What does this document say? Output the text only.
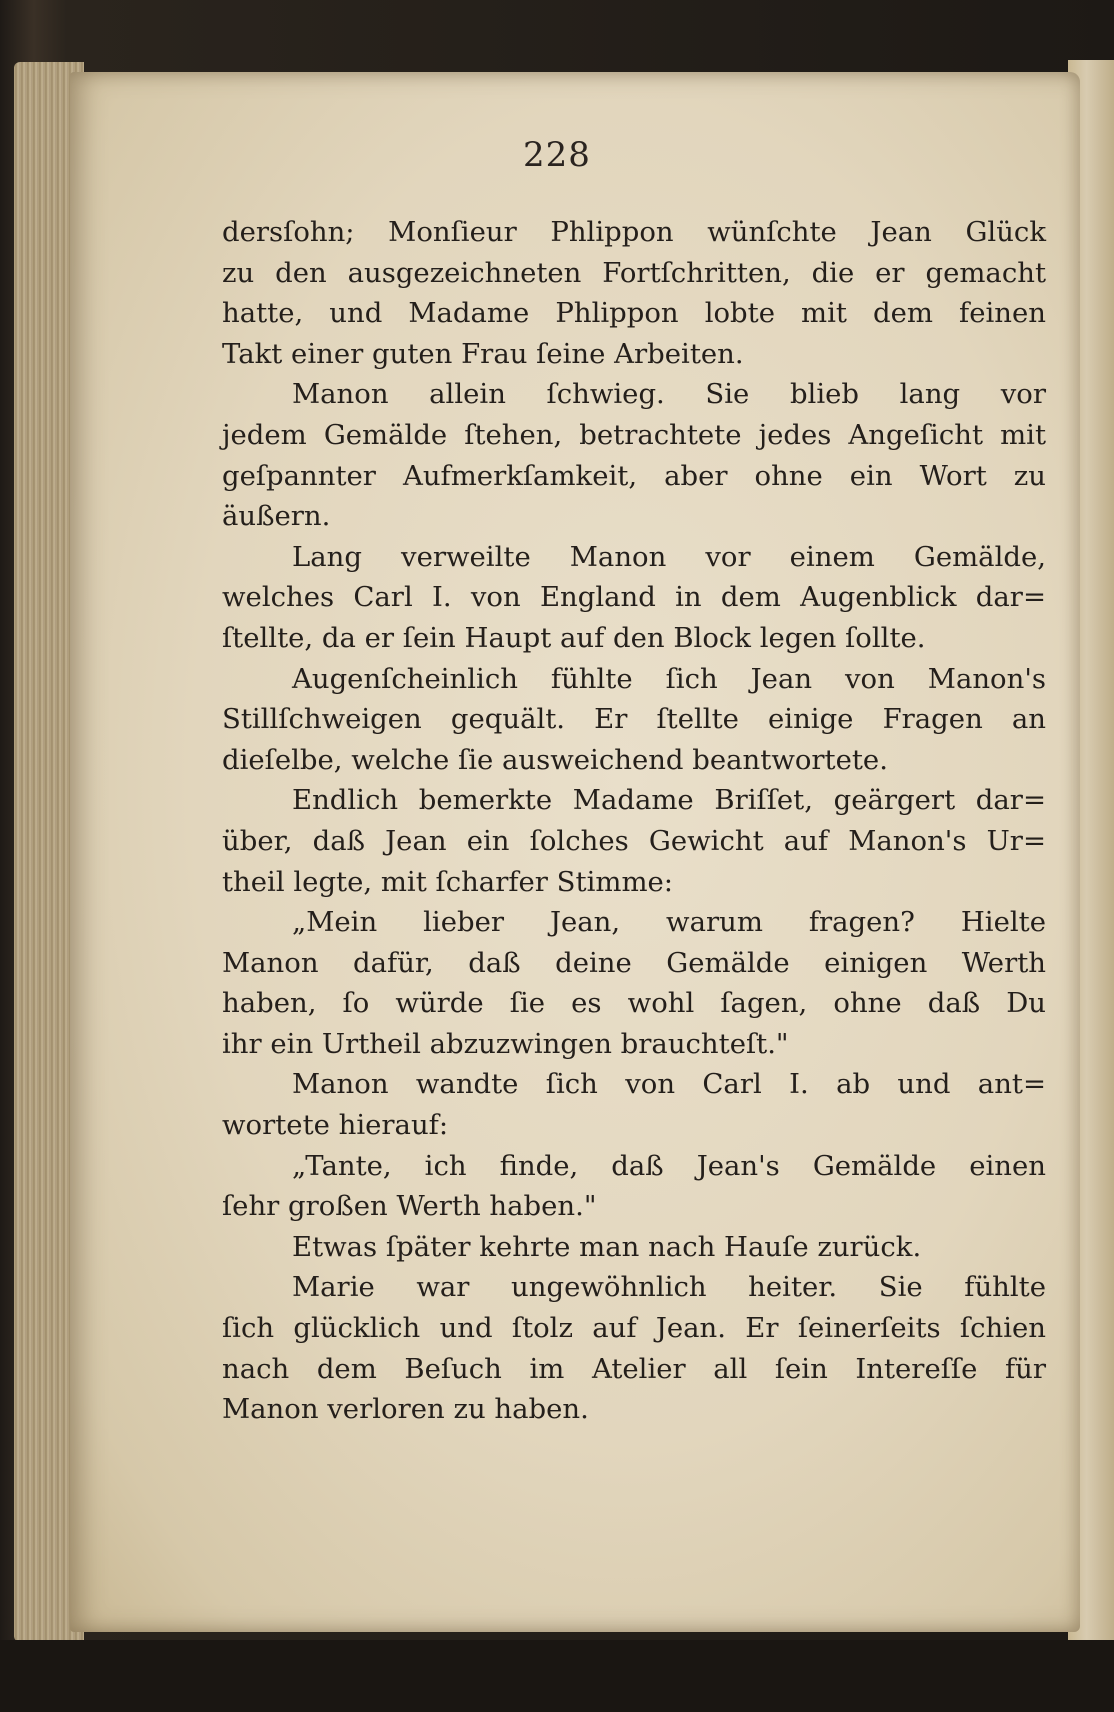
228
dersſohn; Monſieur Phlippon wünſchte Jean Glück
zu den ausgezeichneten Fortſchritten, die er gemacht
hatte, und Madame Phlippon lobte mit dem feinen
Takt einer guten Frau ſeine Arbeiten.
Manon allein ſchwieg. Sie blieb lang vor
jedem Gemälde ſtehen, betrachtete jedes Angeſicht mit
geſpannter Aufmerkſamkeit, aber ohne ein Wort zu
äußern.
Lang verweilte Manon vor einem Gemälde,
welches Carl I. von England in dem Augenblick dar=
ſtellte, da er ſein Haupt auf den Block legen ſollte.
Augenſcheinlich fühlte ſich Jean von Manon's
Stillſchweigen gequält. Er ſtellte einige Fragen an
dieſelbe, welche ſie ausweichend beantwortete.
Endlich bemerkte Madame Briſſet, geärgert dar=
über, daß Jean ein ſolches Gewicht auf Manon's Ur=
theil legte, mit ſcharfer Stimme:
„Mein lieber Jean, warum fragen? Hielte
Manon dafür, daß deine Gemälde einigen Werth
haben, ſo würde ſie es wohl ſagen, ohne daß Du
ihr ein Urtheil abzuzwingen brauchteſt."
Manon wandte ſich von Carl I. ab und ant=
wortete hierauf:
„Tante, ich finde, daß Jean's Gemälde einen
ſehr großen Werth haben."
Etwas ſpäter kehrte man nach Hauſe zurück.
Marie war ungewöhnlich heiter. Sie fühlte
ſich glücklich und ſtolz auf Jean. Er ſeinerſeits ſchien
nach dem Beſuch im Atelier all ſein Intereſſe für
Manon verloren zu haben.
